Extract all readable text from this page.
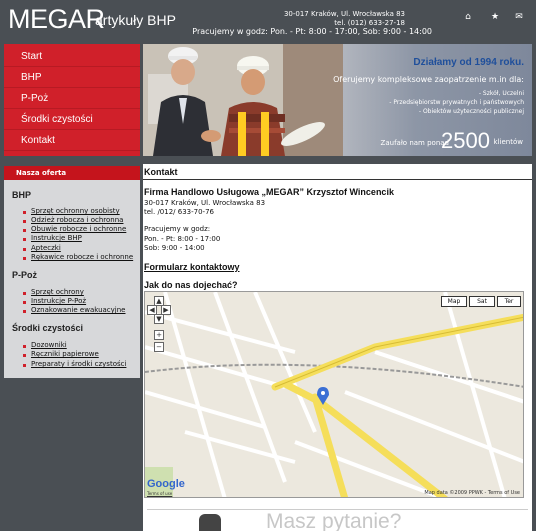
MEGAR
artykuły BHP	30-017 Kraków, Ul. Wrocławska 83
tel. (012) 633-27-18
Pracujemy w godz: Pon. - Pt: 8:00 - 17:00, Sob: 9:00 - 14:00
⌂ ★ ✉
Start
BHP
P-Poż
Środki czystości
Kontakt
Działamy od 1994 roku.
Oferujemy kompleksowe zaopatrzenie m.in dla:
- Szkół, Uczelni
- Przedsiębiorstw prywatnych i państwowych
- Obiektów użyteczności publicznej
Zaufało nam ponad
2500 klientów
Nasza oferta
BHP
Sprzęt ochronny osobisty
Odzież robocza i ochronna
Obuwie robocze i ochronne
Instrukcje BHP
Apteczki
Rękawice robocze i ochronne
P-Poż
Sprzęt ochrony
Instrukcje P-Poż
Oznakowanie ewakuacyjne
Środki czystości
Dozowniki
Ręczniki papierowe
Preparaty i środki czystości
Kontakt
Firma Handlowo Usługowa „MEGAR” Krzysztof Wincencik
30-017 Kraków, Ul. Wrocławska 83
tel. /012/ 633-70-76
Pracujemy w godz:
Pon. - Pt: 8:00 - 17:00
Sob: 9:00 - 14:00
Formularz kontaktowy
Jak do nas dojechać?
Map	Sat	Ter
▲
◀	▶
▼
+
−
Google
Terms of use	Map data ©2009 PPWK - Terms of Use
Masz pytanie?
